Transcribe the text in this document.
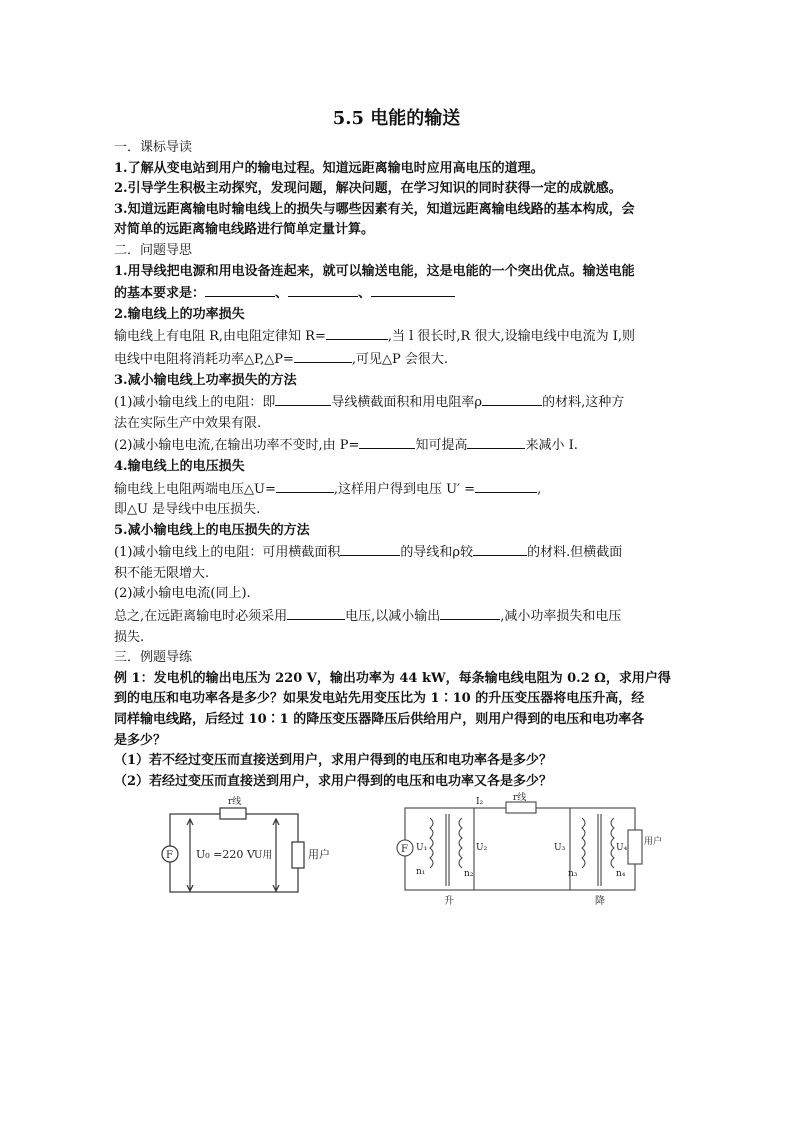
5.5 电能的输送
一．课标导读
1.了解从变电站到用户的输电过程。知道远距离输电时应用高电压的道理。
2.引导学生积极主动探究，发现问题，解决问题，在学习知识的同时获得一定的成就感。
3.知道远距离输电时输电线上的损失与哪些因素有关，知道远距离输电线路的基本构成，会
对简单的远距离输电线路进行简单定量计算。
二．问题导思
1.用导线把电源和用电设备连起来，就可以输送电能，这是电能的一个突出优点。输送电能
的基本要求是：	、	、
2.输电线上的功率损失
输电线上有电阻 R,由电阻定律知 R=	,当 l 很长时,R 很大,设输电线中电流为 I,则
电线中电阻将消耗功率△P,△P=	,可见△P 会很大.
3.减小输电线上功率损失的方法
(1)减小输电线上的电阻：即	导线横截面积和用电阻率ρ	的材料,这种方
法在实际生产中效果有限.
(2)减小输电电流,在输出功率不变时,由 P=	知可提高	来减小 I.
4.输电线上的电压损失
输电线上电阻两端电压△U=	,这样用户得到电压 U′ =	,
即△U 是导线中电压损失.
5.减小输电线上的电压损失的方法
(1)减小输电线上的电阻：可用横截面积	的导线和ρ较	的材料.但横截面
积不能无限增大.
(2)减小输电电流(同上).
总之,在远距离输电时必须采用	电压,以减小输出	,减小功率损失和电压
损失.
三．例题导练
例 1：发电机的输出电压为 220 V，输出功率为 44 kW，每条输电线电阻为 0.2 Ω，求用户得
到的电压和电功率各是多少？如果发电站先用变压比为 1∶10 的升压变压器将电压升高，经
同样输电线路，后经过 10∶1 的降压变压器降压后供给用户，则用户得到的电压和电功率各
是多少？
（1）若不经过变压而直接送到用户，求用户得到的电压和电功率各是多少？
（2）若经过变压而直接送到用户，求用户得到的电压和电功率又各是多少？
r线
F U₀ =220 V U用	用户	F U₁
n₁
I₂	r线
U₂
n₂
U₃
n₃
U₄
n₄
用户
升	降
